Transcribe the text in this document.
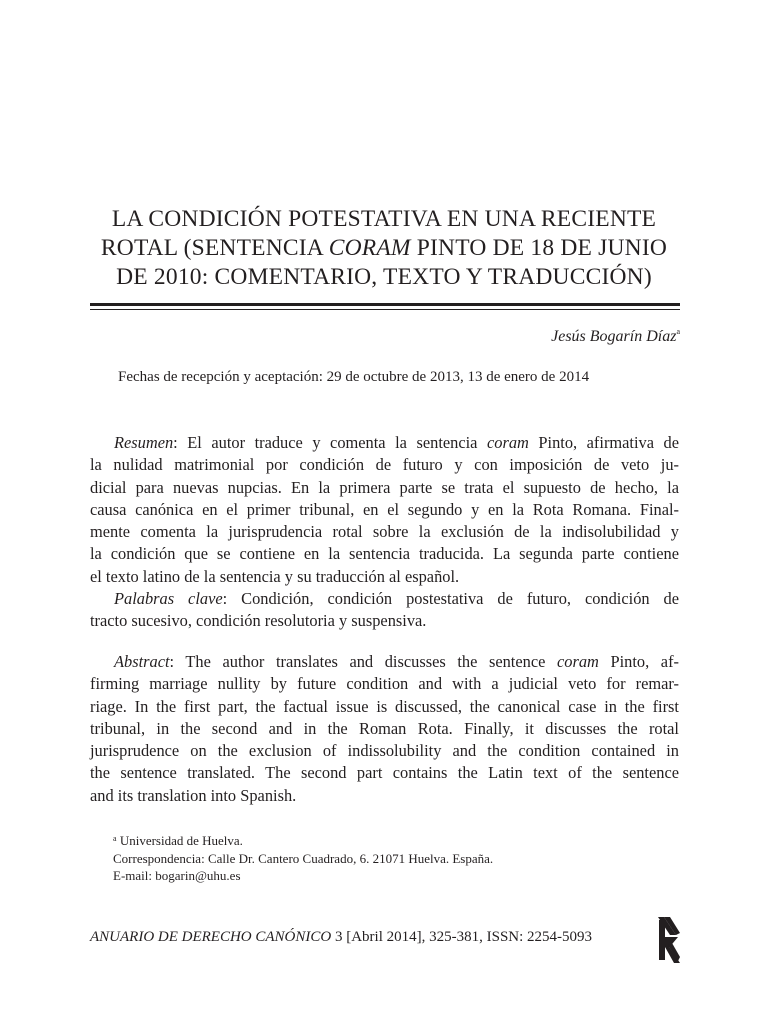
LA CONDICIÓN POTESTATIVA EN UNA RECIENTE
ROTAL (SENTENCIA CORAM PINTO DE 18 DE JUNIO
DE 2010: COMENTARIO, TEXTO Y TRADUCCIÓN)
Jesús Bogarín Díaz$^a$
Fechas de recepción y aceptación: 29 de octubre de 2013, 13 de enero de 2014
Resumen: El autor traduce y comenta la sentencia coram Pinto, afirmativa de
la nulidad matrimonial por condición de futuro y con imposición de veto ju-
dicial para nuevas nupcias. En la primera parte se trata el supuesto de hecho, la
causa canónica en el primer tribunal, en el segundo y en la Rota Romana. Final-
mente comenta la jurisprudencia rotal sobre la exclusión de la indisolubilidad y
la condición que se contiene en la sentencia traducida. La segunda parte contiene
el texto latino de la sentencia y su traducción al español.
Palabras clave: Condición, condición postestativa de futuro, condición de
tracto sucesivo, condición resolutoria y suspensiva.
Abstract: The author translates and discusses the sentence coram Pinto, af-
firming marriage nullity by future condition and with a judicial veto for remar-
riage. In the first part, the factual issue is discussed, the canonical case in the first
tribunal, in the second and in the Roman Rota. Finally, it discusses the rotal
jurisprudence on the exclusion of indissolubility and the condition contained in
the sentence translated. The second part contains the Latin text of the sentence
and its translation into Spanish.
$^a$ Universidad de Huelva.
Correspondencia: Calle Dr. Cantero Cuadrado, 6. 21071 Huelva. España.
E-mail: bogarin@uhu.es
ANUARIO DE DERECHO CANÓNICO 3 [Abril 2014], 325-381, ISSN: 2254-5093
